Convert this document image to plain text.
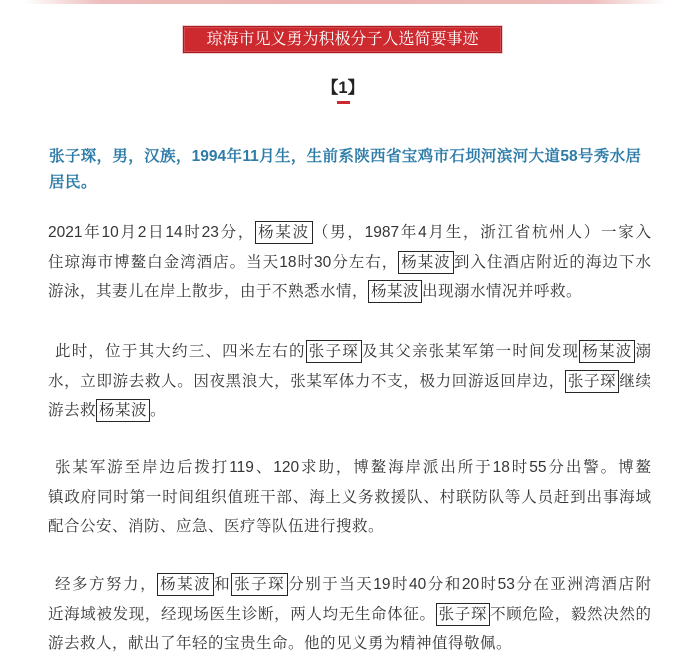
琼海市见义勇为积极分子人选简要事迹
【1】
张子琛，男，汉族，1994年11月生，生前系陕西省宝鸡市石坝河滨河大道58号秀水居
居民。
2021年10月2日14时23分， 杨某波 （男，1987年4月生，浙江省杭州人）一家入
住琼海市博鳌白金湾酒店。当天18时30分左右， 杨某波 到入住酒店附近的海边下水
游泳，其妻儿在岸上散步，由于不熟悉水情， 杨某波 出现溺水情况并呼救。
此时，位于其大约三、四米左右的 张子琛 及其父亲张某军第一时间发现 杨某波 溺
水，立即游去救人。因夜黑浪大，张某军体力不支，极力回游返回岸边， 张子琛 继续
游去救 杨某波 。
张某军游至岸边后拨打119、120求助，博鳌海岸派出所于18时55分出警。博鳌
镇政府同时第一时间组织值班干部、海上义务救援队、村联防队等人员赶到出事海域
配合公安、消防、应急、医疗等队伍进行搜救。
经多方努力， 杨某波 和 张子琛 分别于当天19时40分和20时53分在亚洲湾酒店附
近海域被发现，经现场医生诊断，两人均无生命体征。 张子琛 不顾危险，毅然决然的
游去救人，献出了年轻的宝贵生命。他的见义勇为精神值得敬佩。
